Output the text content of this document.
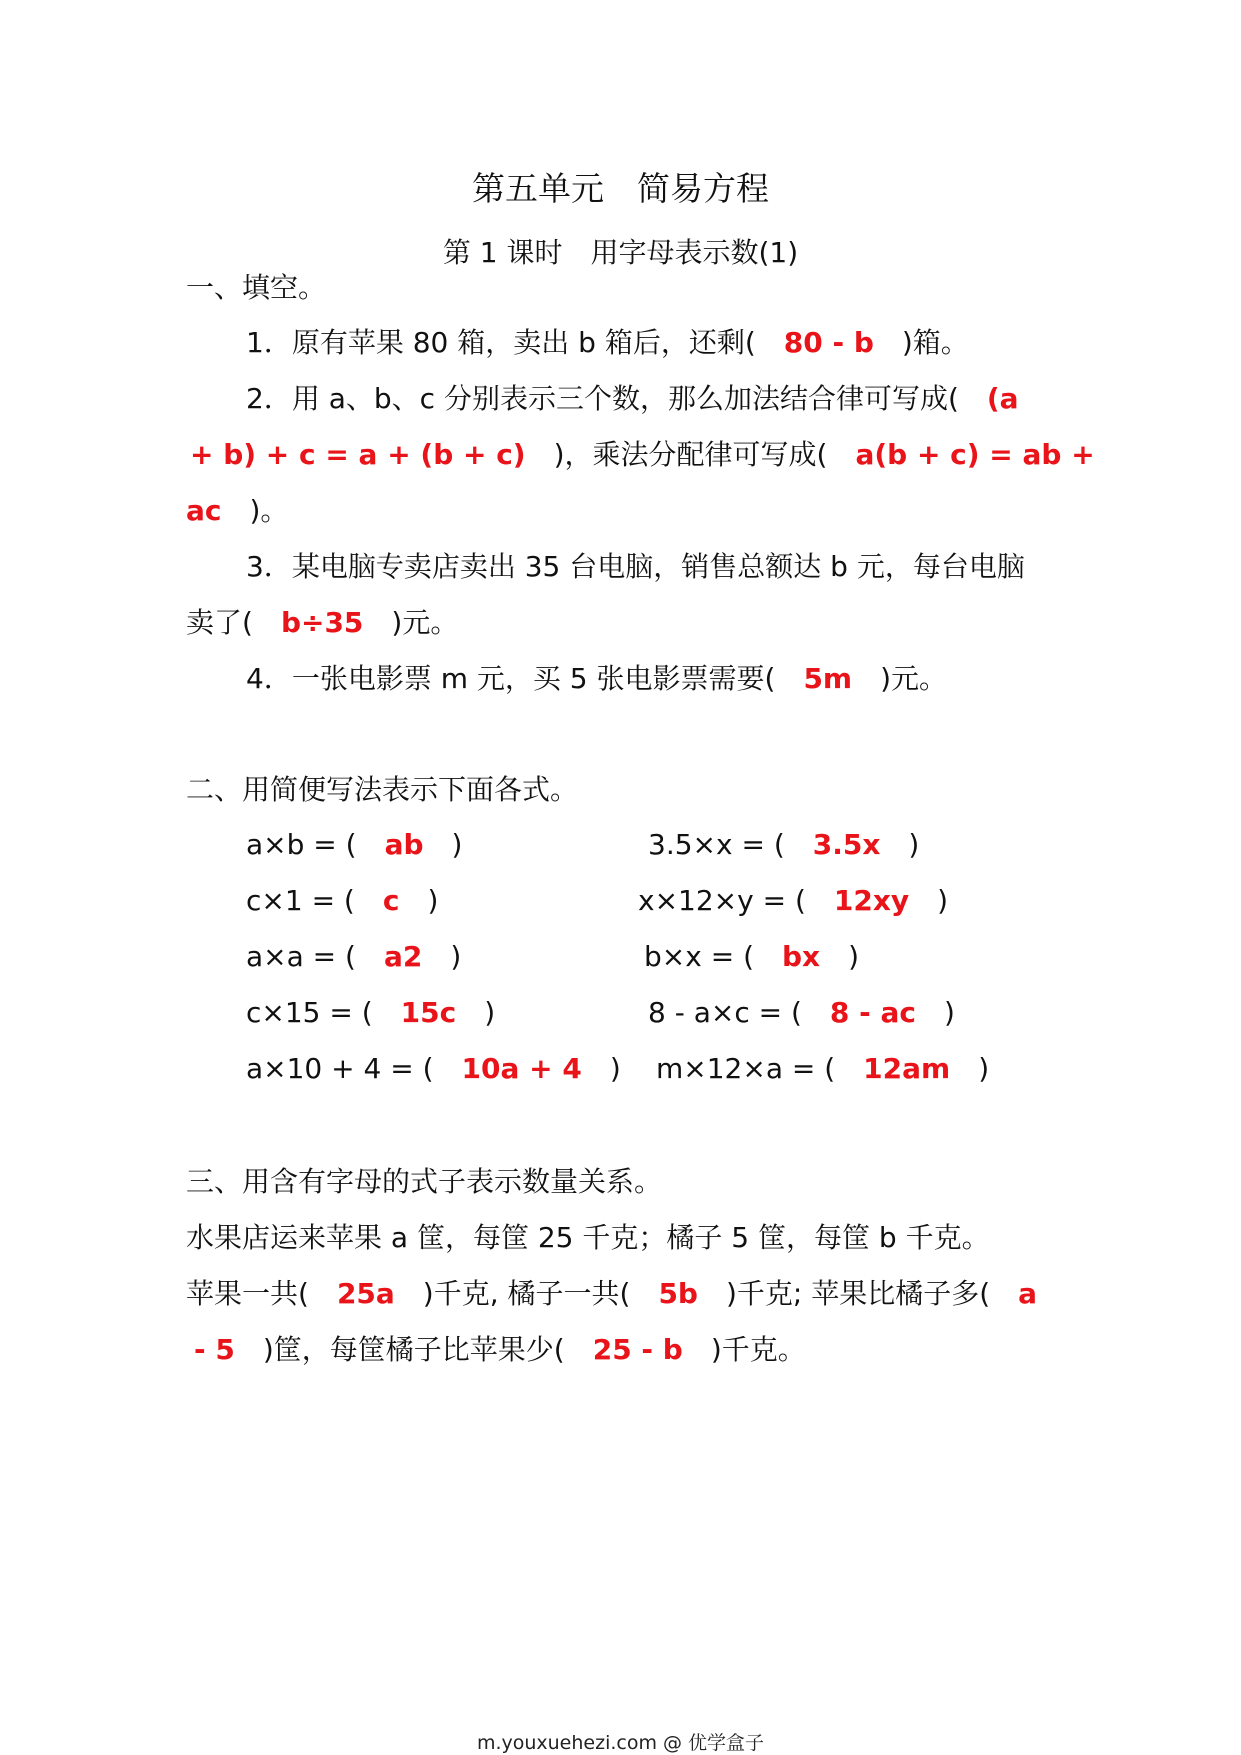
第五单元　简易方程
第 1 课时　用字母表示数(1)
一、填空。
1．原有苹果 80 箱，卖出 b 箱后，还剩( 80 - b )箱。
2．用 a、b、c 分别表示三个数，那么加法结合律可写成( (a
+ b) + c = a + (b + c) )，乘法分配律可写成( a(b + c) = ab +
ac )。
3．某电脑专卖店卖出 35 台电脑，销售总额达 b 元，每台电脑
卖了( b÷35 )元。
4．一张电影票 m 元，买 5 张电影票需要( 5m )元。
二、用简便写法表示下面各式。
a×b = ( ab )
c×1 = ( c )
a×a = ( a2 )
c×15 = ( 15c )
a×10 + 4 = ( 10a + 4 )
3.5×x = ( 3.5x )
x×12×y = ( 12xy )
b×x = ( bx )
8 - a×c = ( 8 - ac )
m×12×a = ( 12am )
三、用含有字母的式子表示数量关系。
水果店运来苹果 a 筐，每筐 25 千克；橘子 5 筐，每筐 b 千克。
苹果一共( 25a )千克, 橘子一共( 5b )千克; 苹果比橘子多( a
- 5 )筐，每筐橘子比苹果少( 25 - b )千克。
m.youxuehezi.com @ 优学盒子
